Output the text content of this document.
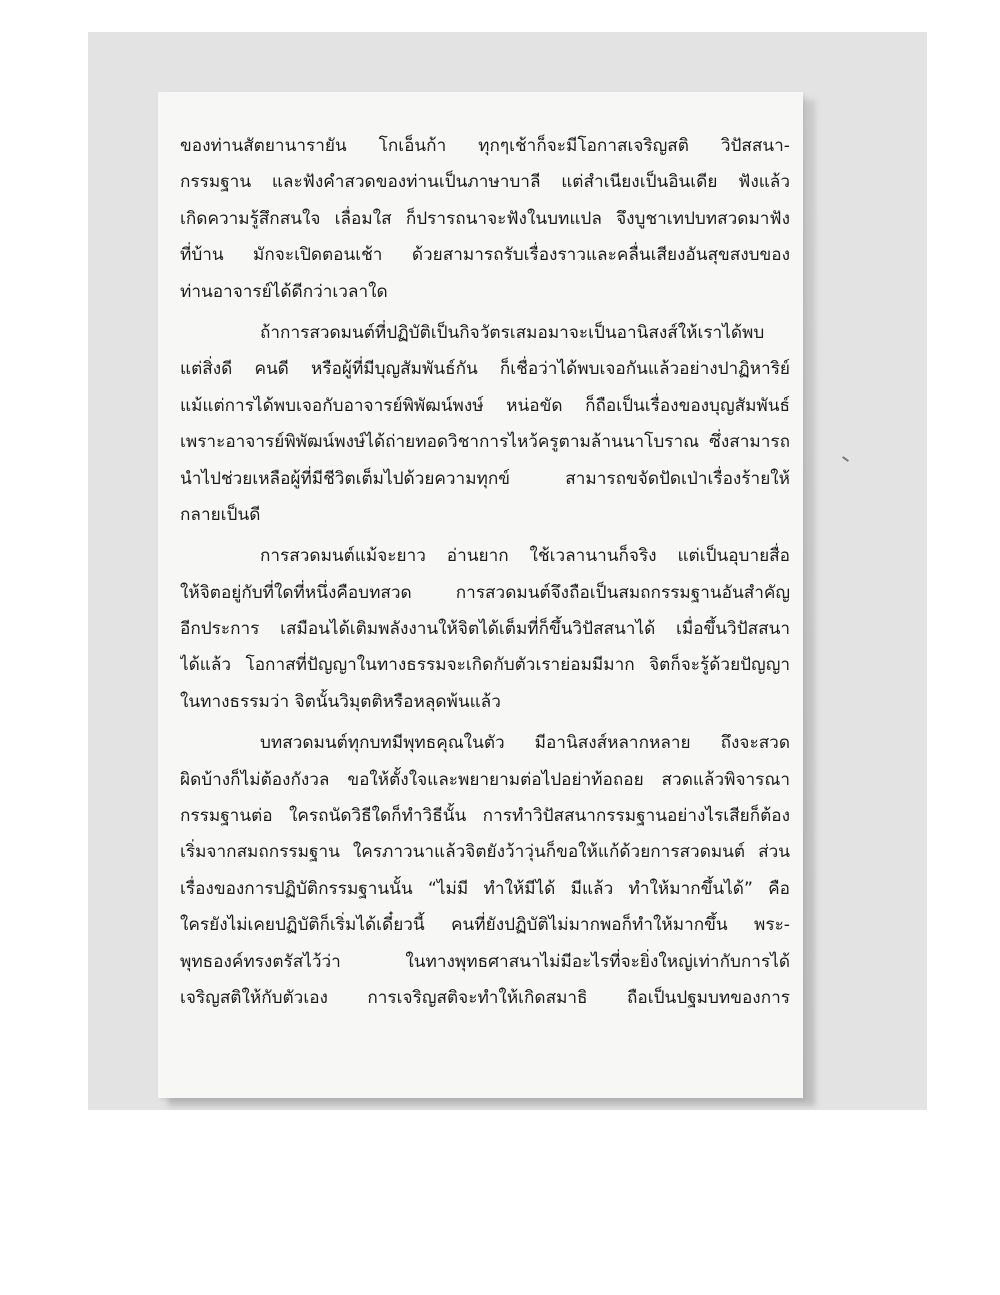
ของท่านสัตยานารายัน โกเอ็นก้า ทุกๆเช้าก็จะมีโอกาสเจริญสติ วิปัสสนา-
กรรมฐาน และฟังคำสวดของท่านเป็นภาษาบาลี แต่สำเนียงเป็นอินเดีย ฟังแล้ว
เกิดความรู้สึกสนใจ เลื่อมใส ก็ปรารถนาจะฟังในบทแปล จึงบูชาเทปบทสวดมาฟัง
ที่บ้าน มักจะเปิดตอนเช้า ด้วยสามารถรับเรื่องราวและคลื่นเสียงอันสุขสงบของ
ท่านอาจารย์ได้ดีกว่าเวลาใด
ถ้าการสวดมนต์ที่ปฏิบัติเป็นกิจวัตรเสมอมาจะเป็นอานิสงส์ให้เราได้พบ
แต่สิ่งดี คนดี หรือผู้ที่มีบุญสัมพันธ์กัน ก็เชื่อว่าได้พบเจอกันแล้วอย่างปาฏิหาริย์
แม้แต่การได้พบเจอกับอาจารย์พิพัฒน์พงษ์ หน่อขัด ก็ถือเป็นเรื่องของบุญสัมพันธ์
เพราะอาจารย์พิพัฒน์พงษ์ได้ถ่ายทอดวิชาการไหว้ครูตามล้านนาโบราณ ซึ่งสามารถ
นำไปช่วยเหลือผู้ที่มีชีวิตเต็มไปด้วยความทุกข์ สามารถขจัดปัดเป่าเรื่องร้ายให้
กลายเป็นดี
การสวดมนต์แม้จะยาว อ่านยาก ใช้เวลานานก็จริง แต่เป็นอุบายสื่อ
ให้จิตอยู่กับที่ใดที่หนึ่งคือบทสวด การสวดมนต์จึงถือเป็นสมถกรรมฐานอันสำคัญ
อีกประการ เสมือนได้เติมพลังงานให้จิตได้เต็มที่ก็ขึ้นวิปัสสนาได้ เมื่อขึ้นวิปัสสนา
ได้แล้ว โอกาสที่ปัญญาในทางธรรมจะเกิดกับตัวเราย่อมมีมาก จิตก็จะรู้ด้วยปัญญา
ในทางธรรมว่า จิตนั้นวิมุตติหรือหลุดพ้นแล้ว
บทสวดมนต์ทุกบทมีพุทธคุณในตัว มีอานิสงส์หลากหลาย ถึงจะสวด
ผิดบ้างก็ไม่ต้องกังวล ขอให้ตั้งใจและพยายามต่อไปอย่าท้อถอย สวดแล้วพิจารณา
กรรมฐานต่อ ใครถนัดวิธีใดก็ทำวิธีนั้น การทำวิปัสสนากรรมฐานอย่างไรเสียก็ต้อง
เริ่มจากสมถกรรมฐาน ใครภาวนาแล้วจิตยังว้าวุ่นก็ขอให้แก้ด้วยการสวดมนต์ ส่วน
เรื่องของการปฏิบัติกรรมฐานนั้น “ไม่มี ทำให้มีได้ มีแล้ว ทำให้มากขึ้นได้” คือ
ใครยังไม่เคยปฏิบัติก็เริ่มได้เดี๋ยวนี้ คนที่ยังปฏิบัติไม่มากพอก็ทำให้มากขึ้น พระ-
พุทธองค์ทรงตรัสไว้ว่า ในทางพุทธศาสนาไม่มีอะไรที่จะยิ่งใหญ่เท่ากับการได้
เจริญสติให้กับตัวเอง การเจริญสติจะทำให้เกิดสมาธิ ถือเป็นปฐมบทของการ
